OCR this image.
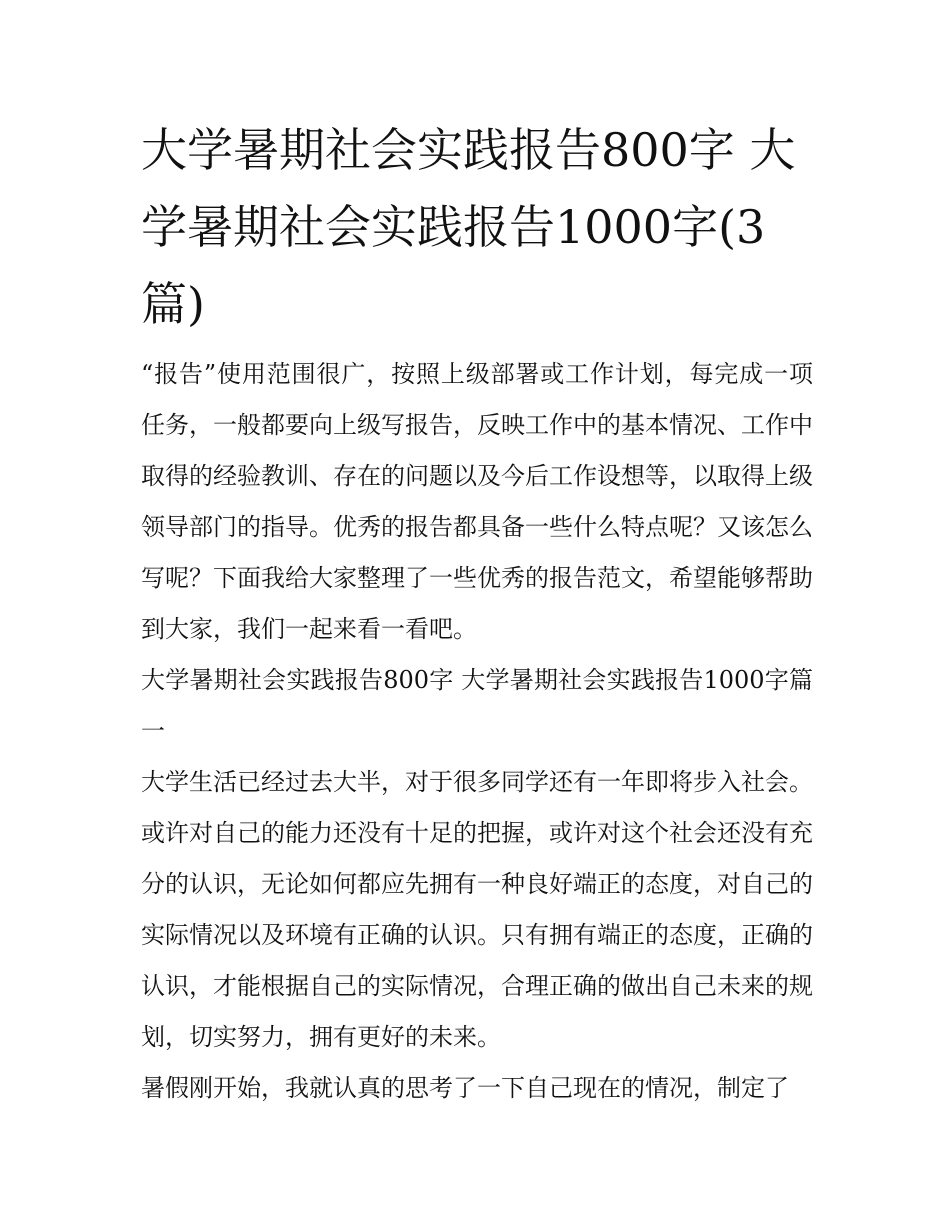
大学暑期社会实践报告800字 大学暑期社会实践报告1000字(3篇)

“报告”使用范围很广，按照上级部署或工作计划，每完成一项任务，一般都要向上级写报告，反映工作中的基本情况、工作中取得的经验教训、存在的问题以及今后工作设想等，以取得上级领导部门的指导。优秀的报告都具备一些什么特点呢？又该怎么写呢？下面我给大家整理了一些优秀的报告范文，希望能够帮助到大家，我们一起来看一看吧。

大学暑期社会实践报告800字 大学暑期社会实践报告1000字篇一

大学生活已经过去大半，对于很多同学还有一年即将步入社会。或许对自己的能力还没有十足的把握，或许对这个社会还没有充分的认识，无论如何都应先拥有一种良好端正的态度，对自己的实际情况以及环境有正确的认识。只有拥有端正的态度，正确的认识，才能根据自己的实际情况，合理正确的做出自己未来的规划，切实努力，拥有更好的未来。

暑假刚开始，我就认真的思考了一下自己现在的情况，制定了
